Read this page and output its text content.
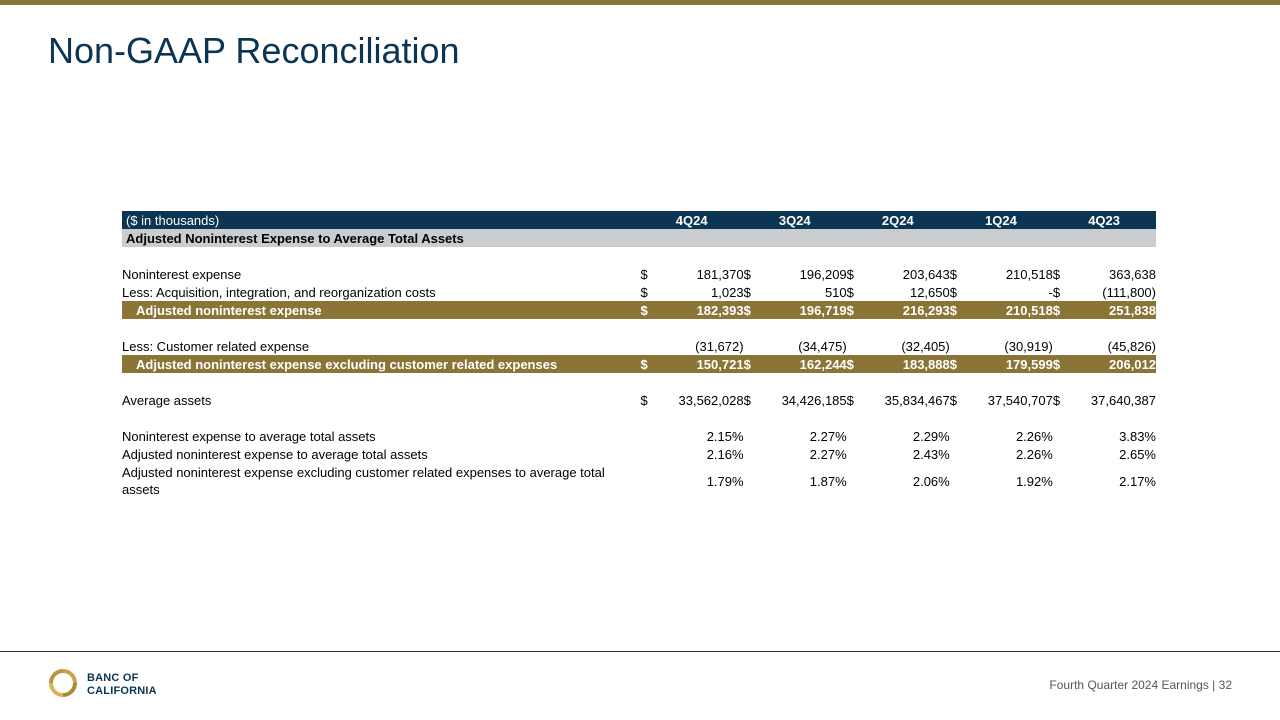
Non-GAAP Reconciliation
($ in thousands)	4Q24		3Q24		2Q24		1Q24		4Q23	
Adjusted Noninterest Expense to Average Total Assets										

Noninterest expense	$	181,370	$	196,209	$	203,643	$	210,518	$	363,638
Less: Acquisition, integration, and reorganization costs	$	1,023	$	510	$	12,650	$	-	$	(111,800)
Adjusted noninterest expense	$	182,393	$	196,719	$	216,293	$	210,518	$	251,838

Less: Customer related expense		(31,672)		(34,475)		(32,405)		(30,919)		(45,826)
Adjusted noninterest expense excluding customer related expenses	$	150,721	$	162,244	$	183,888	$	179,599	$	206,012

Average assets	$	33,562,028	$	34,426,185	$	35,834,467	$	37,540,707	$	37,640,387

Noninterest expense to average total assets		2.15%		2.27%		2.29%		2.26%		3.83%
Adjusted noninterest expense to average total assets		2.16%		2.27%		2.43%		2.26%		2.65%
Adjusted noninterest expense excluding customer related expenses to average total assets		1.79%		1.87%		2.06%		1.92%		2.17%
BANC OF
CALIFORNIA	Fourth Quarter 2024 Earnings | 32
